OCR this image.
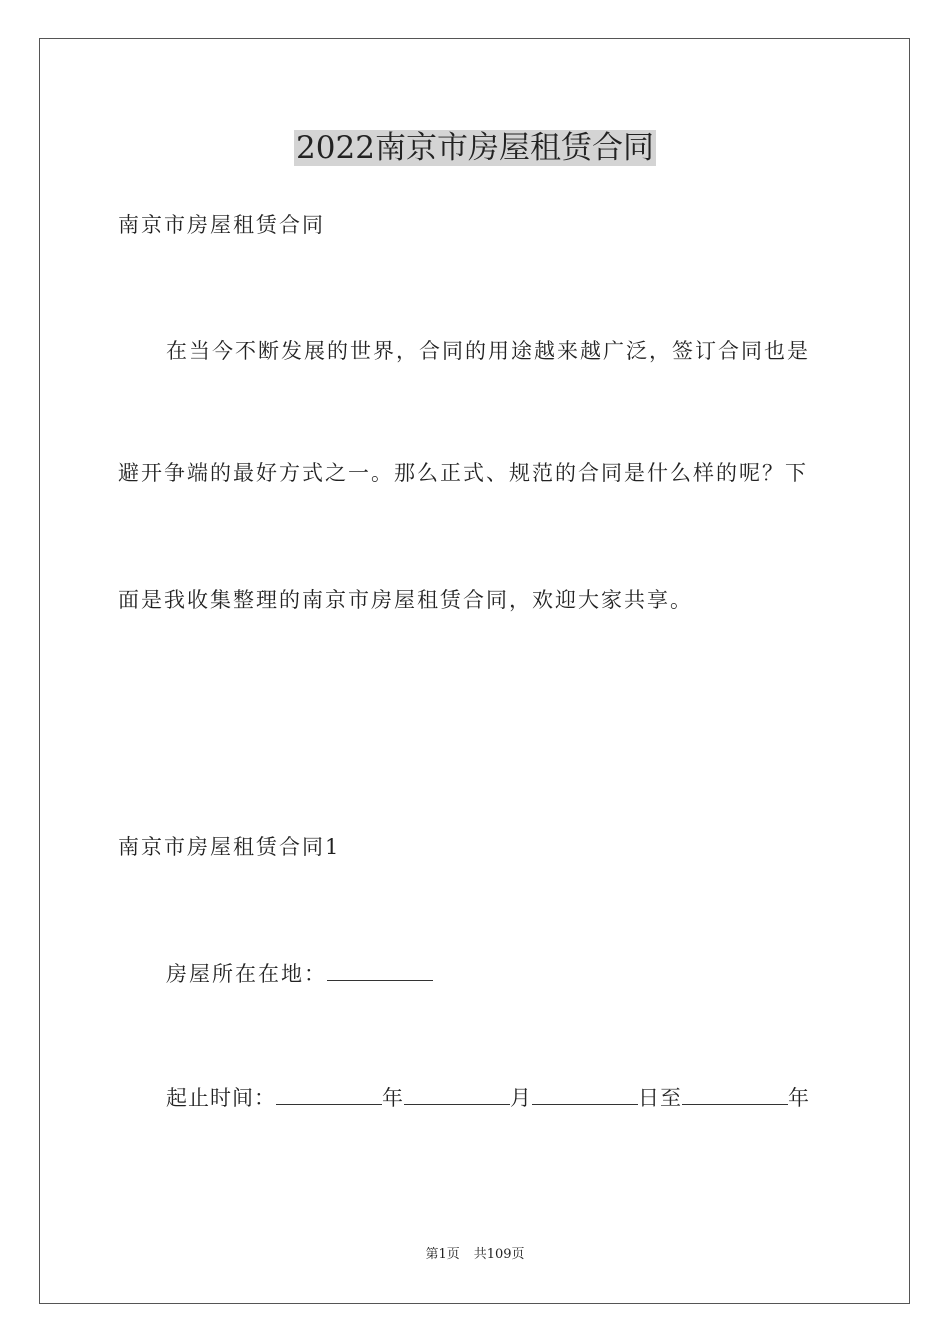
2022南京市房屋租赁合同
南京市房屋租赁合同
在当今不断发展的世界，合同的用途越来越广泛，签订合同也是
避开争端的最好方式之一。那么正式、规范的合同是什么样的呢？下
面是我收集整理的南京市房屋租赁合同，欢迎大家共享。
南京市房屋租赁合同1
房屋所在在地：
起止时间：	年	月	日至	年
第1页 共109页
